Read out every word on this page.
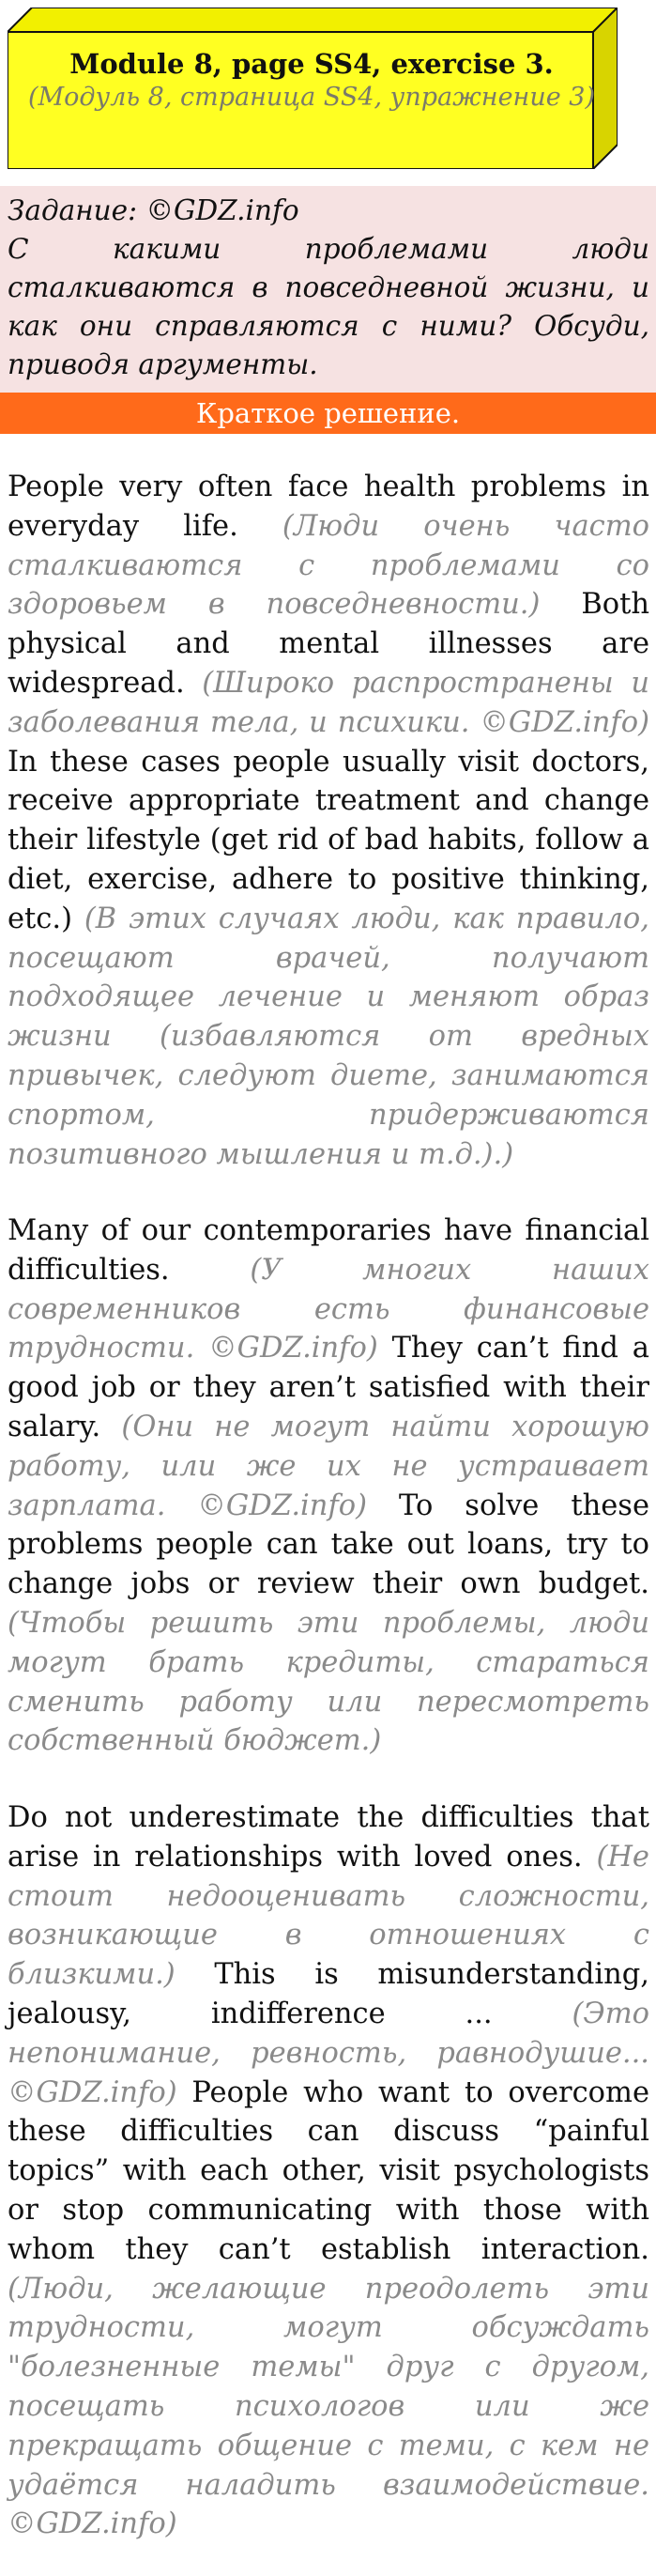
Module 8, page SS4, exercise 3.
(Модуль 8, страница SS4, упражнение 3)
Задание: ©GDZ.info
С какими проблемами люди сталкиваются в повседневной жизни, и как они справляются с ними? Обсуди, приводя аргументы.
Краткое решение.
People very often face health problems in everyday life. (Люди очень часто сталкиваются с проблемами со здоровьем в повседневности.) Both physical and mental illnesses are widespread. (Широко распространены и заболевания тела, и психики. ©GDZ.info) In these cases people usually visit doctors, receive appropriate treatment and change their lifestyle (get rid of bad habits, follow a diet, exercise, adhere to positive thinking, etc.) (В этих случаях люди, как правило, посещают врачей, получают подходящее лечение и меняют образ жизни (избавляются от вредных привычек, следуют диете, занимаются спортом, придерживаются позитивного мышления и т.д.).)
Many of our contemporaries have financial difficulties. (У многих наших современников есть финансовые трудности. ©GDZ.info) They can’t find a good job or they aren’t satisfied with their salary. (Они не могут найти хорошую работу, или же их не устраивает зарплата. ©GDZ.info) To solve these problems people can take out loans, try to change jobs or review their own budget. (Чтобы решить эти проблемы, люди могут брать кредиты, стараться сменить работу или пересмотреть собственный бюджет.)
Do not underestimate the difficulties that arise in relationships with loved ones. (Не стоит недооценивать сложности, возникающие в отношениях с близкими.) This is misunderstanding, jealousy, indifference ... (Это непонимание, ревность, равнодушие... ©GDZ.info) People who want to overcome these difficulties can discuss “painful topics” with each other, visit psychologists or stop communicating with those with whom they can’t establish interaction. (Люди, желающие преодолеть эти трудности, могут обсуждать "болезненные темы" друг с другом, посещать психологов или же прекращать общение с теми, с кем не удаётся наладить взаимодействие. ©GDZ.info)
